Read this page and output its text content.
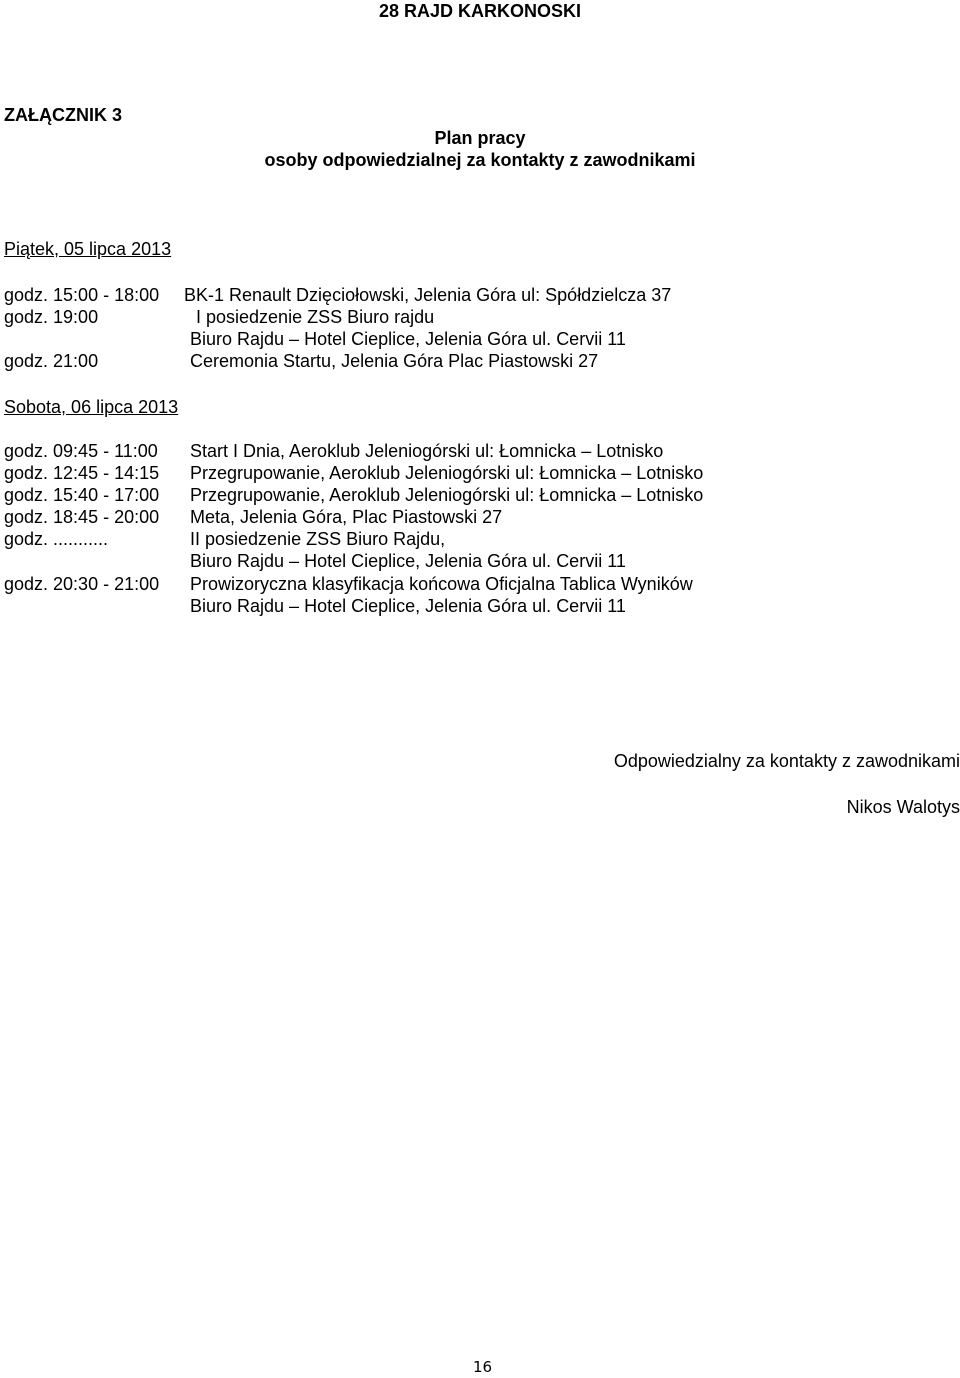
28 RAJD KARKONOSKI
ZAŁĄCZNIK 3
Plan pracy
osoby odpowiedzialnej za kontakty z zawodnikami
Piątek, 05 lipca 2013
godz. 15:00 - 18:00 BK-1 Renault Dzięciołowski, Jelenia Góra ul: Spółdzielcza 37
godz. 19:00	I posiedzenie ZSS Biuro rajdu
Biuro Rajdu – Hotel Cieplice, Jelenia Góra ul. Cervii 11
godz. 21:00	Ceremonia Startu, Jelenia Góra Plac Piastowski 27
Sobota, 06 lipca 2013
godz. 09:45 - 11:00 Start I Dnia, Aeroklub Jeleniogórski ul: Łomnicka – Lotnisko
godz. 12:45 - 14:15 Przegrupowanie, Aeroklub Jeleniogórski ul: Łomnicka – Lotnisko
godz. 15:40 - 17:00 Przegrupowanie, Aeroklub Jeleniogórski ul: Łomnicka – Lotnisko
godz. 18:45 - 20:00 Meta, Jelenia Góra, Plac Piastowski 27
godz. ...........	II posiedzenie ZSS Biuro Rajdu,
Biuro Rajdu – Hotel Cieplice, Jelenia Góra ul. Cervii 11
godz. 20:30 - 21:00 Prowizoryczna klasyfikacja końcowa Oficjalna Tablica Wyników
Biuro Rajdu – Hotel Cieplice, Jelenia Góra ul. Cervii 11
Odpowiedzialny za kontakty z zawodnikami
Nikos Walotys
16
